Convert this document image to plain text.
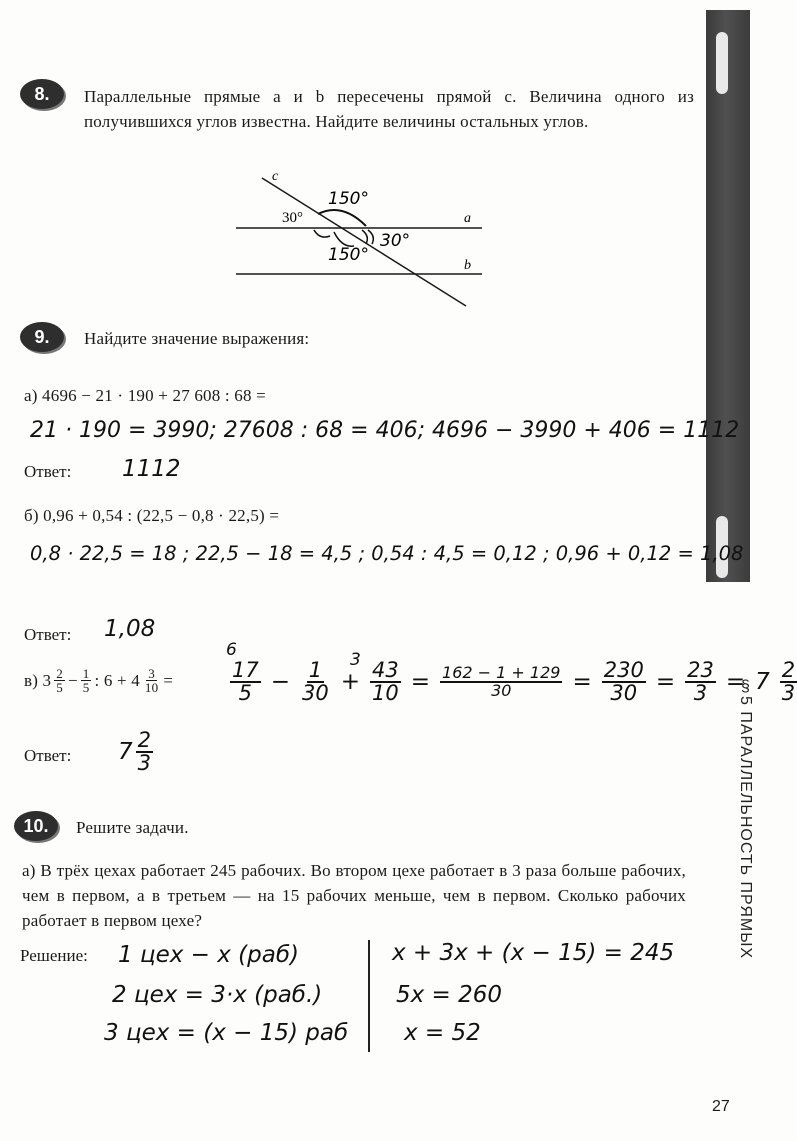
§5 ПАРАЛЛЕЛЬНОСТЬ ПРЯМЫХ
8.	Параллельные прямые a и b пересечены прямой c. Величина одного из получившихся углов известна. Найдите величины остальных углов.
c
a
b
30°
150°
30°
150°
9.	Найдите значение выражения:
а) 4696 − 21 · 190 + 27 608 : 68 =
21 · 190 = 3990; 27608 : 68 = 406; 4696 − 3990 + 406 = 1112
Ответ: 1112
б) 0,96 + 0,54 : (22,5 − 0,8 · 22,5) =
0,8 · 22,5 = 18 ; 22,5 − 18 = 4,5 ; 0,54 : 4,5 = 0,12 ; 0,96 + 0,12 = 1,08
Ответ: 1,08
в) $3 \frac{2}{5} - \frac{1}{5}$ : $6 + 4 \frac{3}{10}$ =
6	3
$\frac{17}{5} - \frac{1}{30} + \frac{43}{10} = \frac{162 - 1 + 129}{30} = \frac{230}{30} = \frac{23}{3} = 7 \frac{2}{3}$
Ответ: $7 \frac{2}{3}$
10.	Решите задачи.
а) В трёх цехах работает 245 рабочих. Во втором цехе работает в 3 раза больше рабочих, чем в первом, а в третьем — на 15 рабочих меньше, чем в первом. Сколько рабочих работает в первом цехе?
Решение: 1 цех − x (раб)
2 цех = 3·x (раб.)
3 цех = (x − 15) раб
x + 3x + (x − 15) = 245
5x = 260
x = 52
27
